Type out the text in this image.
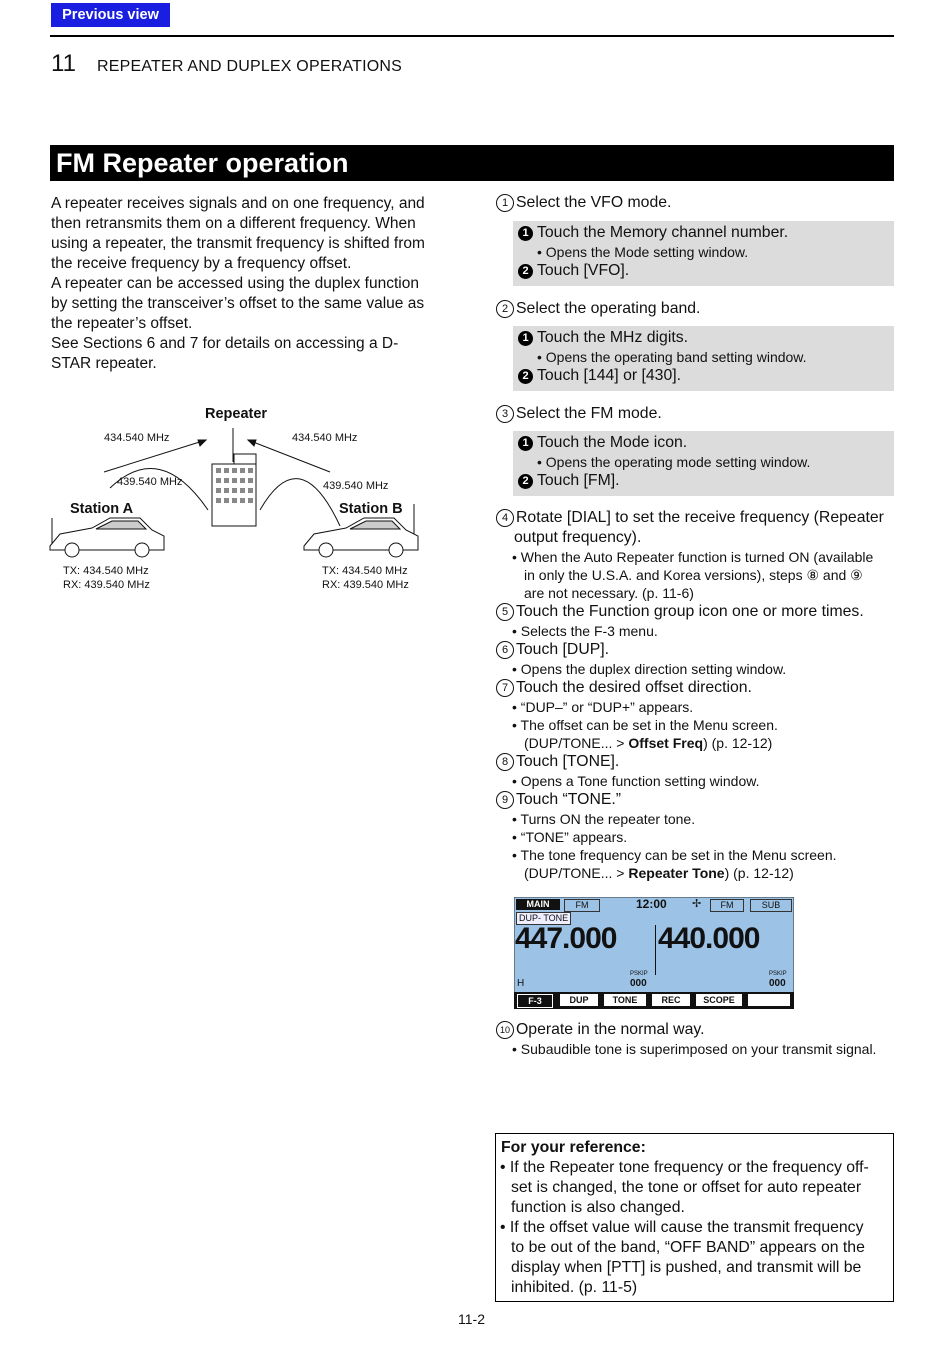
Previous view
11 REPEATER AND DUPLEX OPERATIONS
FM Repeater operation
A repeater receives signals and on one frequency, and
then retransmits them on a different frequency. When
using a repeater, the transmit frequency is shifted from
the receive frequency by a frequency offset.
A repeater can be accessed using the duplex function
by setting the transceiver’s offset to the same value as
the repeater’s offset.
See Sections 6 and 7 for details on accessing a D-
STAR repeater.
Repeater
434.540 MHz	434.540 MHz
439.540 MHz	439.540 MHz
Station A	Station B
TX: 434.540 MHz
RX: 439.540 MHz
TX: 434.540 MHz
RX: 439.540 MHz
1 Select the VFO mode.
1 Touch the Memory channel number.
• Opens the Mode setting window.
2 Touch [VFO].
2 Select the operating band.
1 Touch the MHz digits.
• Opens the operating band setting window.
2 Touch [144] or [430].
3 Select the FM mode.
1 Touch the Mode icon.
• Opens the operating mode setting window.
2 Touch [FM].
4 Rotate [DIAL] to set the receive frequency (Repeater
output frequency).
• When the Auto Repeater function is turned ON (available
in only the U.S.A. and Korea versions), steps ⑧ and ⑨
are not necessary. (p. 11-6)
5 Touch the Function group icon one or more times.
• Selects the F-3 menu.
6 Touch [DUP].
• Opens the duplex direction setting window.
7 Touch the desired offset direction.
• “DUP–” or “DUP+” appears.
• The offset can be set in the Menu screen.
(DUP/TONE... > Offset Freq) (p. 12-12)
8 Touch [TONE].
• Opens a Tone function setting window.
9 Touch “TONE.”
• Turns ON the repeater tone.
• “TONE” appears.
• The tone frequency can be set in the Menu screen.
(DUP/TONE... > Repeater Tone) (p. 12-12)
MAIN	FM	12:00 ✢	FM	SUB
DUP- TONE
447.000 440.000
H
PSKIP
000
PSKIP
000
F-3	DUP	TONE	REC	SCOPE
10 Operate in the normal way.
• Subaudible tone is superimposed on your transmit signal.
For your reference:
• If the Repeater tone frequency or the frequency off-
set is changed, the tone or offset for auto repeater
function is also changed.
• If the offset value will cause the transmit frequency
to be out of the band, “OFF BAND” appears on the
display when [PTT] is pushed, and transmit will be
inhibited. (p. 11-5)
11-2
